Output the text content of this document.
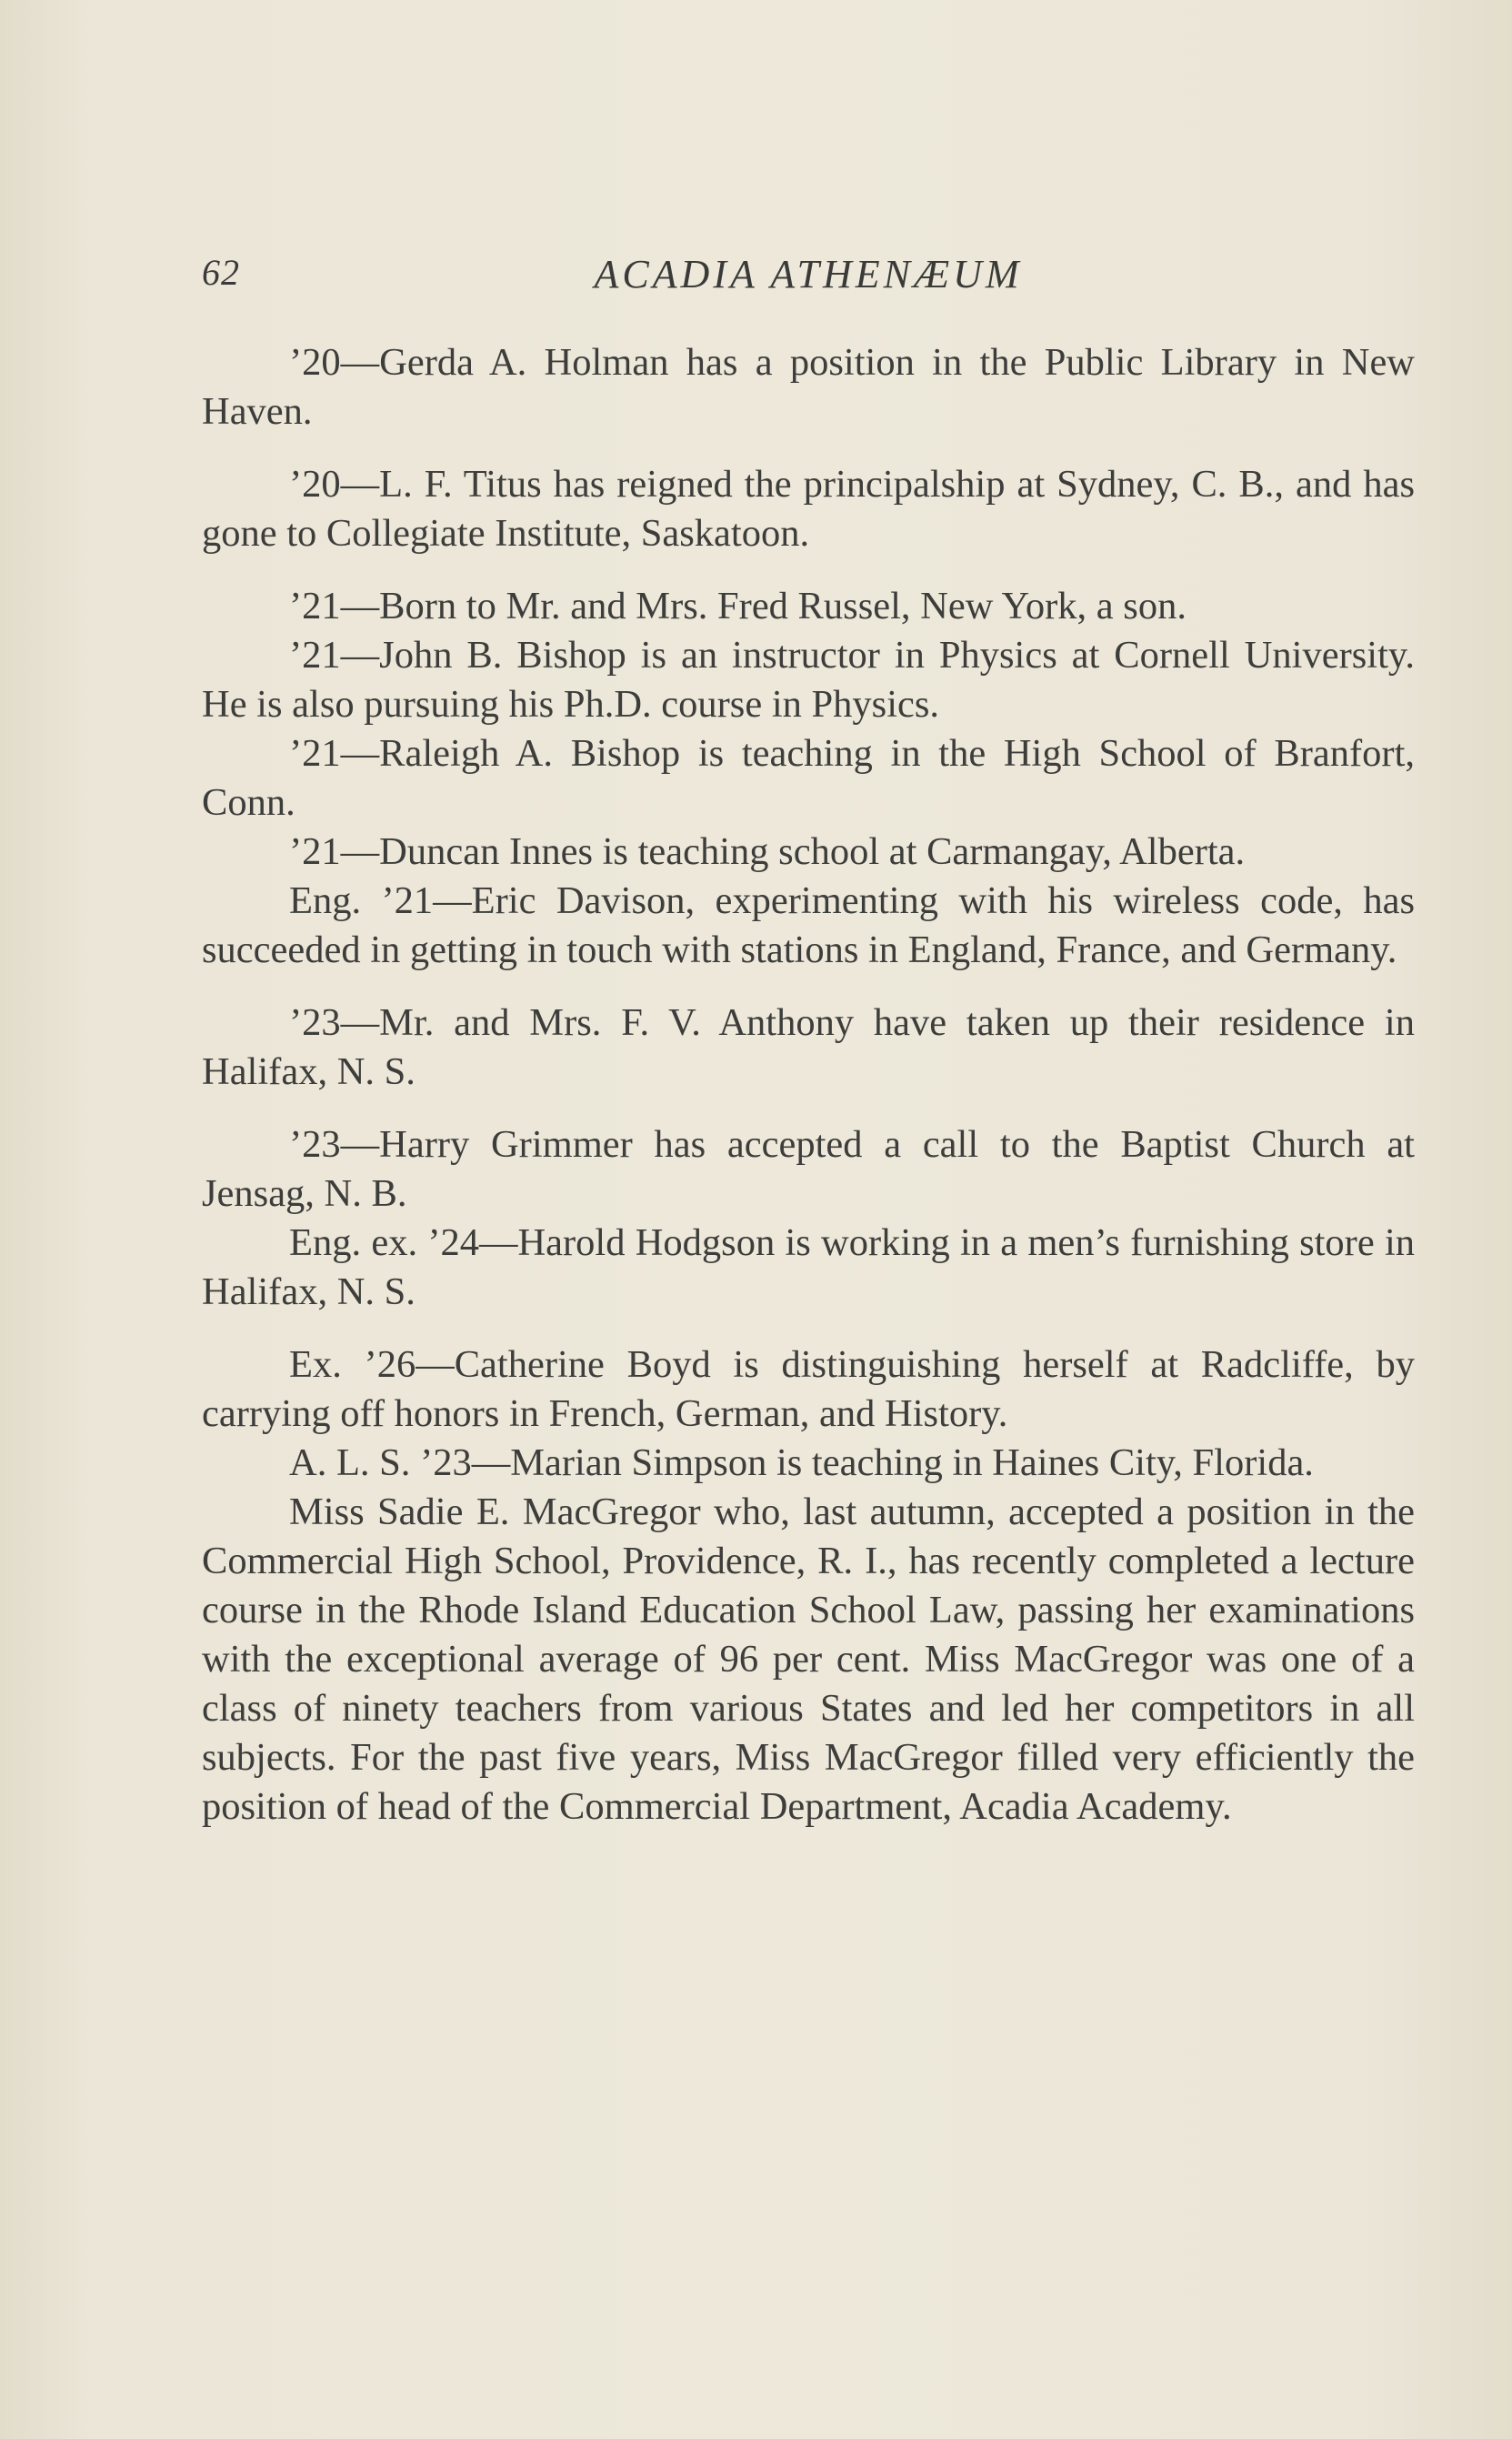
62	ACADIA ATHENÆUM

’20—Gerda A. Holman has a position in the Public Library in New Haven.

’20—L. F. Titus has reigned the principalship at Sydney, C. B., and has gone to Collegiate Institute, Saskatoon.

’21—Born to Mr. and Mrs. Fred Russel, New York, a son.

’21—John B. Bishop is an instructor in Physics at Cornell University. He is also pursuing his Ph.D. course in Physics.

’21—Raleigh A. Bishop is teaching in the High School of Branfort, Conn.

’21—Duncan Innes is teaching school at Carmangay, Alberta.

Eng. ’21—Eric Davison, experimenting with his wireless code, has succeeded in getting in touch with stations in England, France, and Germany.

’23—Mr. and Mrs. F. V. Anthony have taken up their residence in Halifax, N. S.

’23—Harry Grimmer has accepted a call to the Baptist Church at Jensag, N. B.

Eng. ex. ’24—Harold Hodgson is working in a men’s furnishing store in Halifax, N. S.

Ex. ’26—Catherine Boyd is distinguishing herself at Radcliffe, by carrying off honors in French, German, and History.

A. L. S. ’23—Marian Simpson is teaching in Haines City, Florida.

Miss Sadie E. MacGregor who, last autumn, accepted a position in the Commercial High School, Providence, R. I., has recently completed a lecture course in the Rhode Island Education School Law, passing her examinations with the exceptional average of 96 per cent. Miss MacGregor was one of a class of ninety teachers from various States and led her competitors in all subjects. For the past five years, Miss MacGregor filled very efficiently the position of head of the Commercial Department, Acadia Academy.
